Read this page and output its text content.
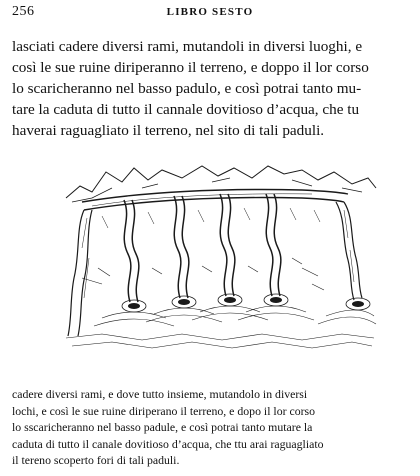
256	LIBRO SESTO
lasciati cadere diversi rami, mutandoli in diversi luoghi, e
così le sue ruine diriperanno il terreno, e doppo il lor corso
lo scaricheranno nel basso padulo, e così potrai tanto mu-
tare la caduta di tutto il cannale dovitioso d’acqua, che tu
haverai raguagliato il terreno, nel sito di tali paduli.
cadere diversi rami, e dove tutto insieme, mutandolo in diversi
lochi, e così le sue ruine diriperano il terreno, e dopo il lor corso
lo sscaricheranno nel basso padule, e così potrai tanto mutare la
caduta di tutto il canale dovitioso d’acqua, che ttu arai raguagliato
il tereno scoperto fori di tali paduli.
